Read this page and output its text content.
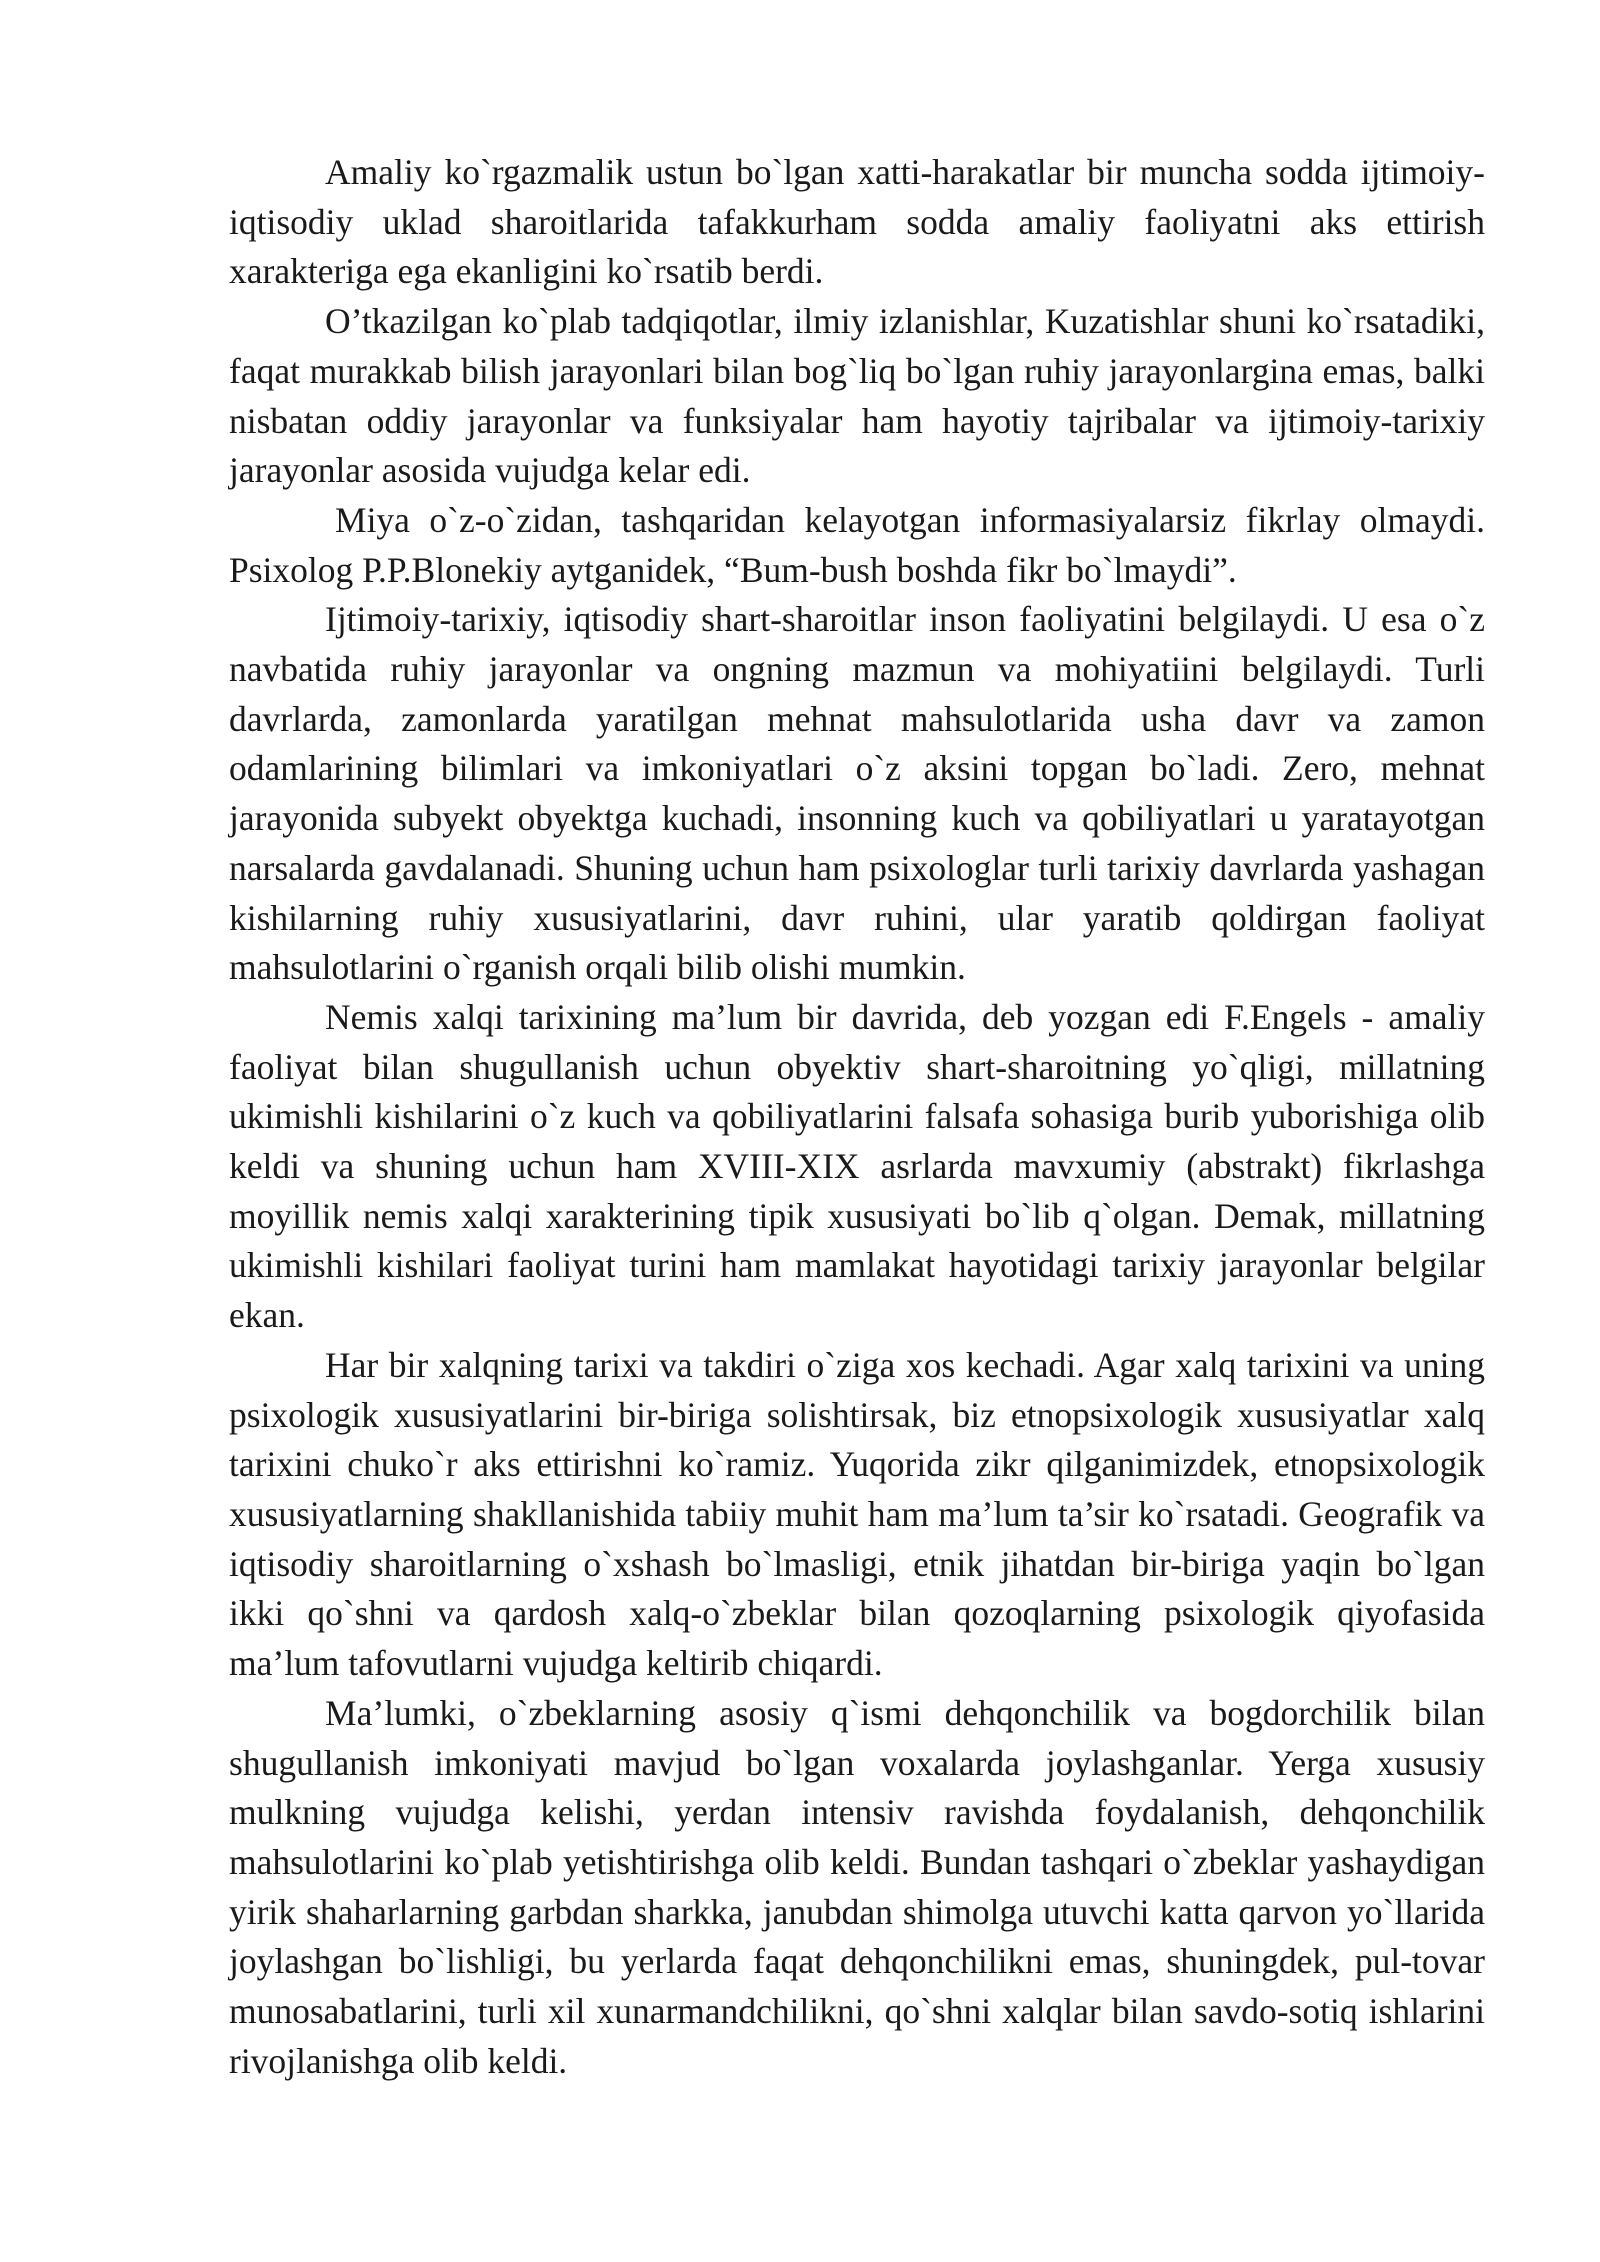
Amaliy ko`rgazmalik ustun bo`lgan xatti-harakatlar bir muncha sodda ijtimoiy-iqtisodiy uklad sharoitlarida tafakkurham sodda amaliy faoliyatni aks ettirish xarakteriga ega ekanligini ko`rsatib berdi.

O’tkazilgan ko`plab tadqiqotlar, ilmiy izlanishlar, Kuzatishlar shuni ko`rsatadiki, faqat murakkab bilish jarayonlari bilan bog`liq bo`lgan ruhiy jarayonlargina emas, balki nisbatan oddiy jarayonlar va funksiyalar ham hayotiy tajribalar va ijtimoiy-tarixiy jarayonlar asosida vujudga kelar edi.

Miya o`z-o`zidan, tashqaridan kelayotgan informasiyalarsiz fikrlay olmaydi. Psixolog P.P.Blonekiy aytganidek, “Bum-bush boshda fikr bo`lmaydi”.

Ijtimoiy-tarixiy, iqtisodiy shart-sharoitlar inson faoliyatini belgilaydi. U esa o`z navbatida ruhiy jarayonlar va ongning mazmun va mohiyatiini belgilaydi. Turli davrlarda, zamonlarda yaratilgan mehnat mahsulotlarida usha davr va zamon odamlarining bilimlari va imkoniyatlari o`z aksini topgan bo`ladi. Zero, mehnat jarayonida subyekt obyektga kuchadi, insonning kuch va qobiliyatlari u yaratayotgan narsalarda gavdalanadi. Shuning uchun ham psixologlar turli tarixiy davrlarda yashagan kishilarning ruhiy xususiyatlarini, davr ruhini, ular yaratib qoldirgan faoliyat mahsulotlarini o`rganish orqali bilib olishi mumkin.

Nemis xalqi tarixining ma’lum bir davrida, deb yozgan edi F.Engels - amaliy faoliyat bilan shugullanish uchun obyektiv shart-sharoitning yo`qligi, millatning ukimishli kishilarini o`z kuch va qobiliyatlarini falsafa sohasiga burib yuborishiga olib keldi va shuning uchun ham XVIII-XIX asrlarda mavxumiy (abstrakt) fikrlashga moyillik nemis xalqi xarakterining tipik xususiyati bo`lib q`olgan. Demak, millatning ukimishli kishilari faoliyat turini ham mamlakat hayotidagi tarixiy jarayonlar belgilar ekan.

Har bir xalqning tarixi va takdiri o`ziga xos kechadi. Agar xalq tarixini va uning psixologik xususiyatlarini bir-biriga solishtirsak, biz etnopsixologik xususiyatlar xalq tarixini chuko`r aks ettirishni ko`ramiz. Yuqorida zikr qilganimizdek, etnopsixologik xususiyatlarning shakllanishida tabiiy muhit ham ma’lum ta’sir ko`rsatadi. Geografik va iqtisodiy sharoitlarning o`xshash bo`lmasligi, etnik jihatdan bir-biriga yaqin bo`lgan ikki qo`shni va qardosh xalq-o`zbeklar bilan qozoqlarning psixologik qiyofasida ma’lum tafovutlarni vujudga keltirib chiqardi.

Ma’lumki, o`zbeklarning asosiy q`ismi dehqonchilik va bogdorchilik bilan shugullanish imkoniyati mavjud bo`lgan voxalarda joylashganlar. Yerga xususiy mulkning vujudga kelishi, yerdan intensiv ravishda foydalanish, dehqonchilik mahsulotlarini ko`plab yetishtirishga olib keldi. Bundan tashqari o`zbeklar yashaydigan yirik shaharlarning garbdan sharkka, janubdan shimolga utuvchi katta qarvon yo`llarida joylashgan bo`lishligi, bu yerlarda faqat dehqonchilikni emas, shuningdek, pul-tovar munosabatlarini, turli xil xunarmandchilikni, qo`shni xalqlar bilan savdo-sotiq ishlarini rivojlanishga olib keldi.
